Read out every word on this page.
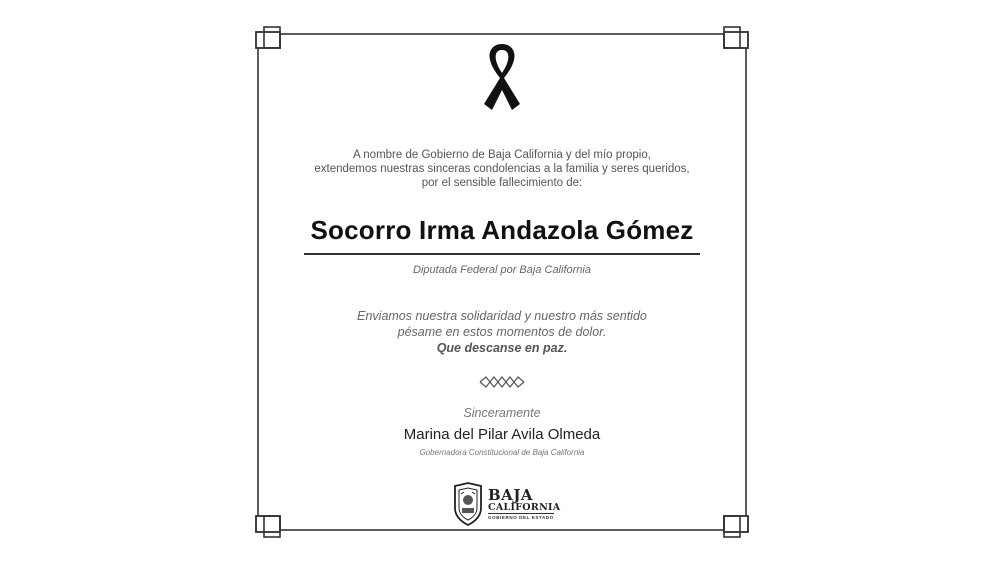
A nombre de Gobierno de Baja California y del mío propio,
extendemos nuestras sinceras condolencias a la familia y seres queridos,
por el sensible fallecimiento de:
Socorro Irma Andazola Gómez
Diputada Federal por Baja California
Enviamos nuestra solidaridad y nuestro más sentido
pésame en estos momentos de dolor.
Que descanse en paz.
Sinceramente
Marina del Pilar Avila Olmeda
Gobernadora Constitucional de Baja California
BAJA
CALIFORNIA
GOBIERNO DEL ESTADO
